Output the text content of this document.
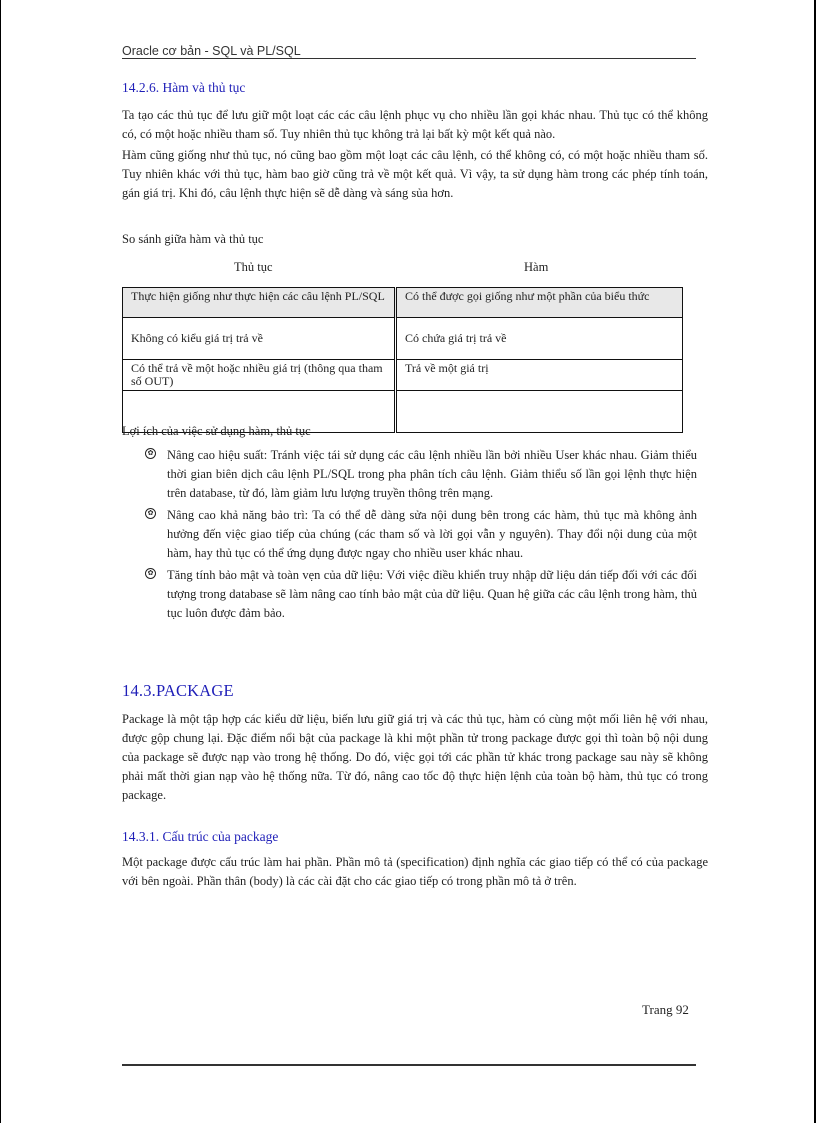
Oracle cơ bản - SQL và PL/SQL
14.2.6. Hàm và thủ tục

Ta tạo các thủ tục để lưu giữ một loạt các các câu lệnh phục vụ cho nhiều lần gọi khác nhau. Thủ tục có thể không có, có một hoặc nhiều tham số. Tuy nhiên thủ tục không trả lại bất kỳ một kết quả nào.

Hàm cũng giống như thủ tục, nó cũng bao gồm một loạt các câu lệnh, có thể không có, có một hoặc nhiều tham số. Tuy nhiên khác với thủ tục, hàm bao giờ cũng trả về một kết quả. Vì vậy, ta sử dụng hàm trong các phép tính toán, gán giá trị. Khi đó, câu lệnh thực hiện sẽ dễ dàng và sáng sủa hơn.

So sánh giữa hàm và thủ tục
Thủ tục	Hàm
Thực hiện giống như thực hiện các câu lệnh PL/SQL	Có thể được gọi giống như một phần của biểu thức
Không có kiểu giá trị trả về	Có chứa giá trị trả về
Có thể trả về một hoặc nhiều giá trị (thông qua tham số OUT)	Trả về một giá trị

Lợi ích của việc sử dụng hàm, thủ tục
✿ Nâng cao hiệu suất: Tránh việc tái sử dụng các câu lệnh nhiều lần bởi nhiều User khác nhau. Giảm thiểu thời gian biên dịch câu lệnh PL/SQL trong pha phân tích câu lệnh. Giảm thiểu số lần gọi lệnh thực hiện trên database, từ đó, làm giảm lưu lượng truyền thông trên mạng.

✿ Nâng cao khả năng bảo trì: Ta có thể dễ dàng sửa nội dung bên trong các hàm, thủ tục mà không ảnh hưởng đến việc giao tiếp của chúng (các tham số và lời gọi vẫn y nguyên). Thay đổi nội dung của một hàm, hay thủ tục có thể ứng dụng được ngay cho nhiều user khác nhau.

✿ Tăng tính bảo mật và toàn vẹn của dữ liệu: Với việc điều khiển truy nhập dữ liệu dán tiếp đối với các đối tượng trong database sẽ làm nâng cao tính bảo mật của dữ liệu. Quan hệ giữa các câu lệnh trong hàm, thủ tục luôn được đảm bảo.

14.3.PACKAGE

Package là một tập hợp các kiểu dữ liệu, biến lưu giữ giá trị và các thủ tục, hàm có cùng một mối liên hệ với nhau, được gộp chung lại. Đặc điểm nổi bật của package là khi một phần tử trong package được gọi thì toàn bộ nội dung của package sẽ được nạp vào trong hệ thống. Do đó, việc gọi tới các phần tử khác trong package sau này sẽ không phải mất thời gian nạp vào hệ thống nữa. Từ đó, nâng cao tốc độ thực hiện lệnh của toàn bộ hàm, thủ tục có trong package.

14.3.1. Cấu trúc của package

Một package được cấu trúc làm hai phần. Phần mô tả (specification) định nghĩa các giao tiếp có thể có của package với bên ngoài. Phần thân (body) là các cài đặt cho các giao tiếp có trong phần mô tả ở trên.

Trang 92
